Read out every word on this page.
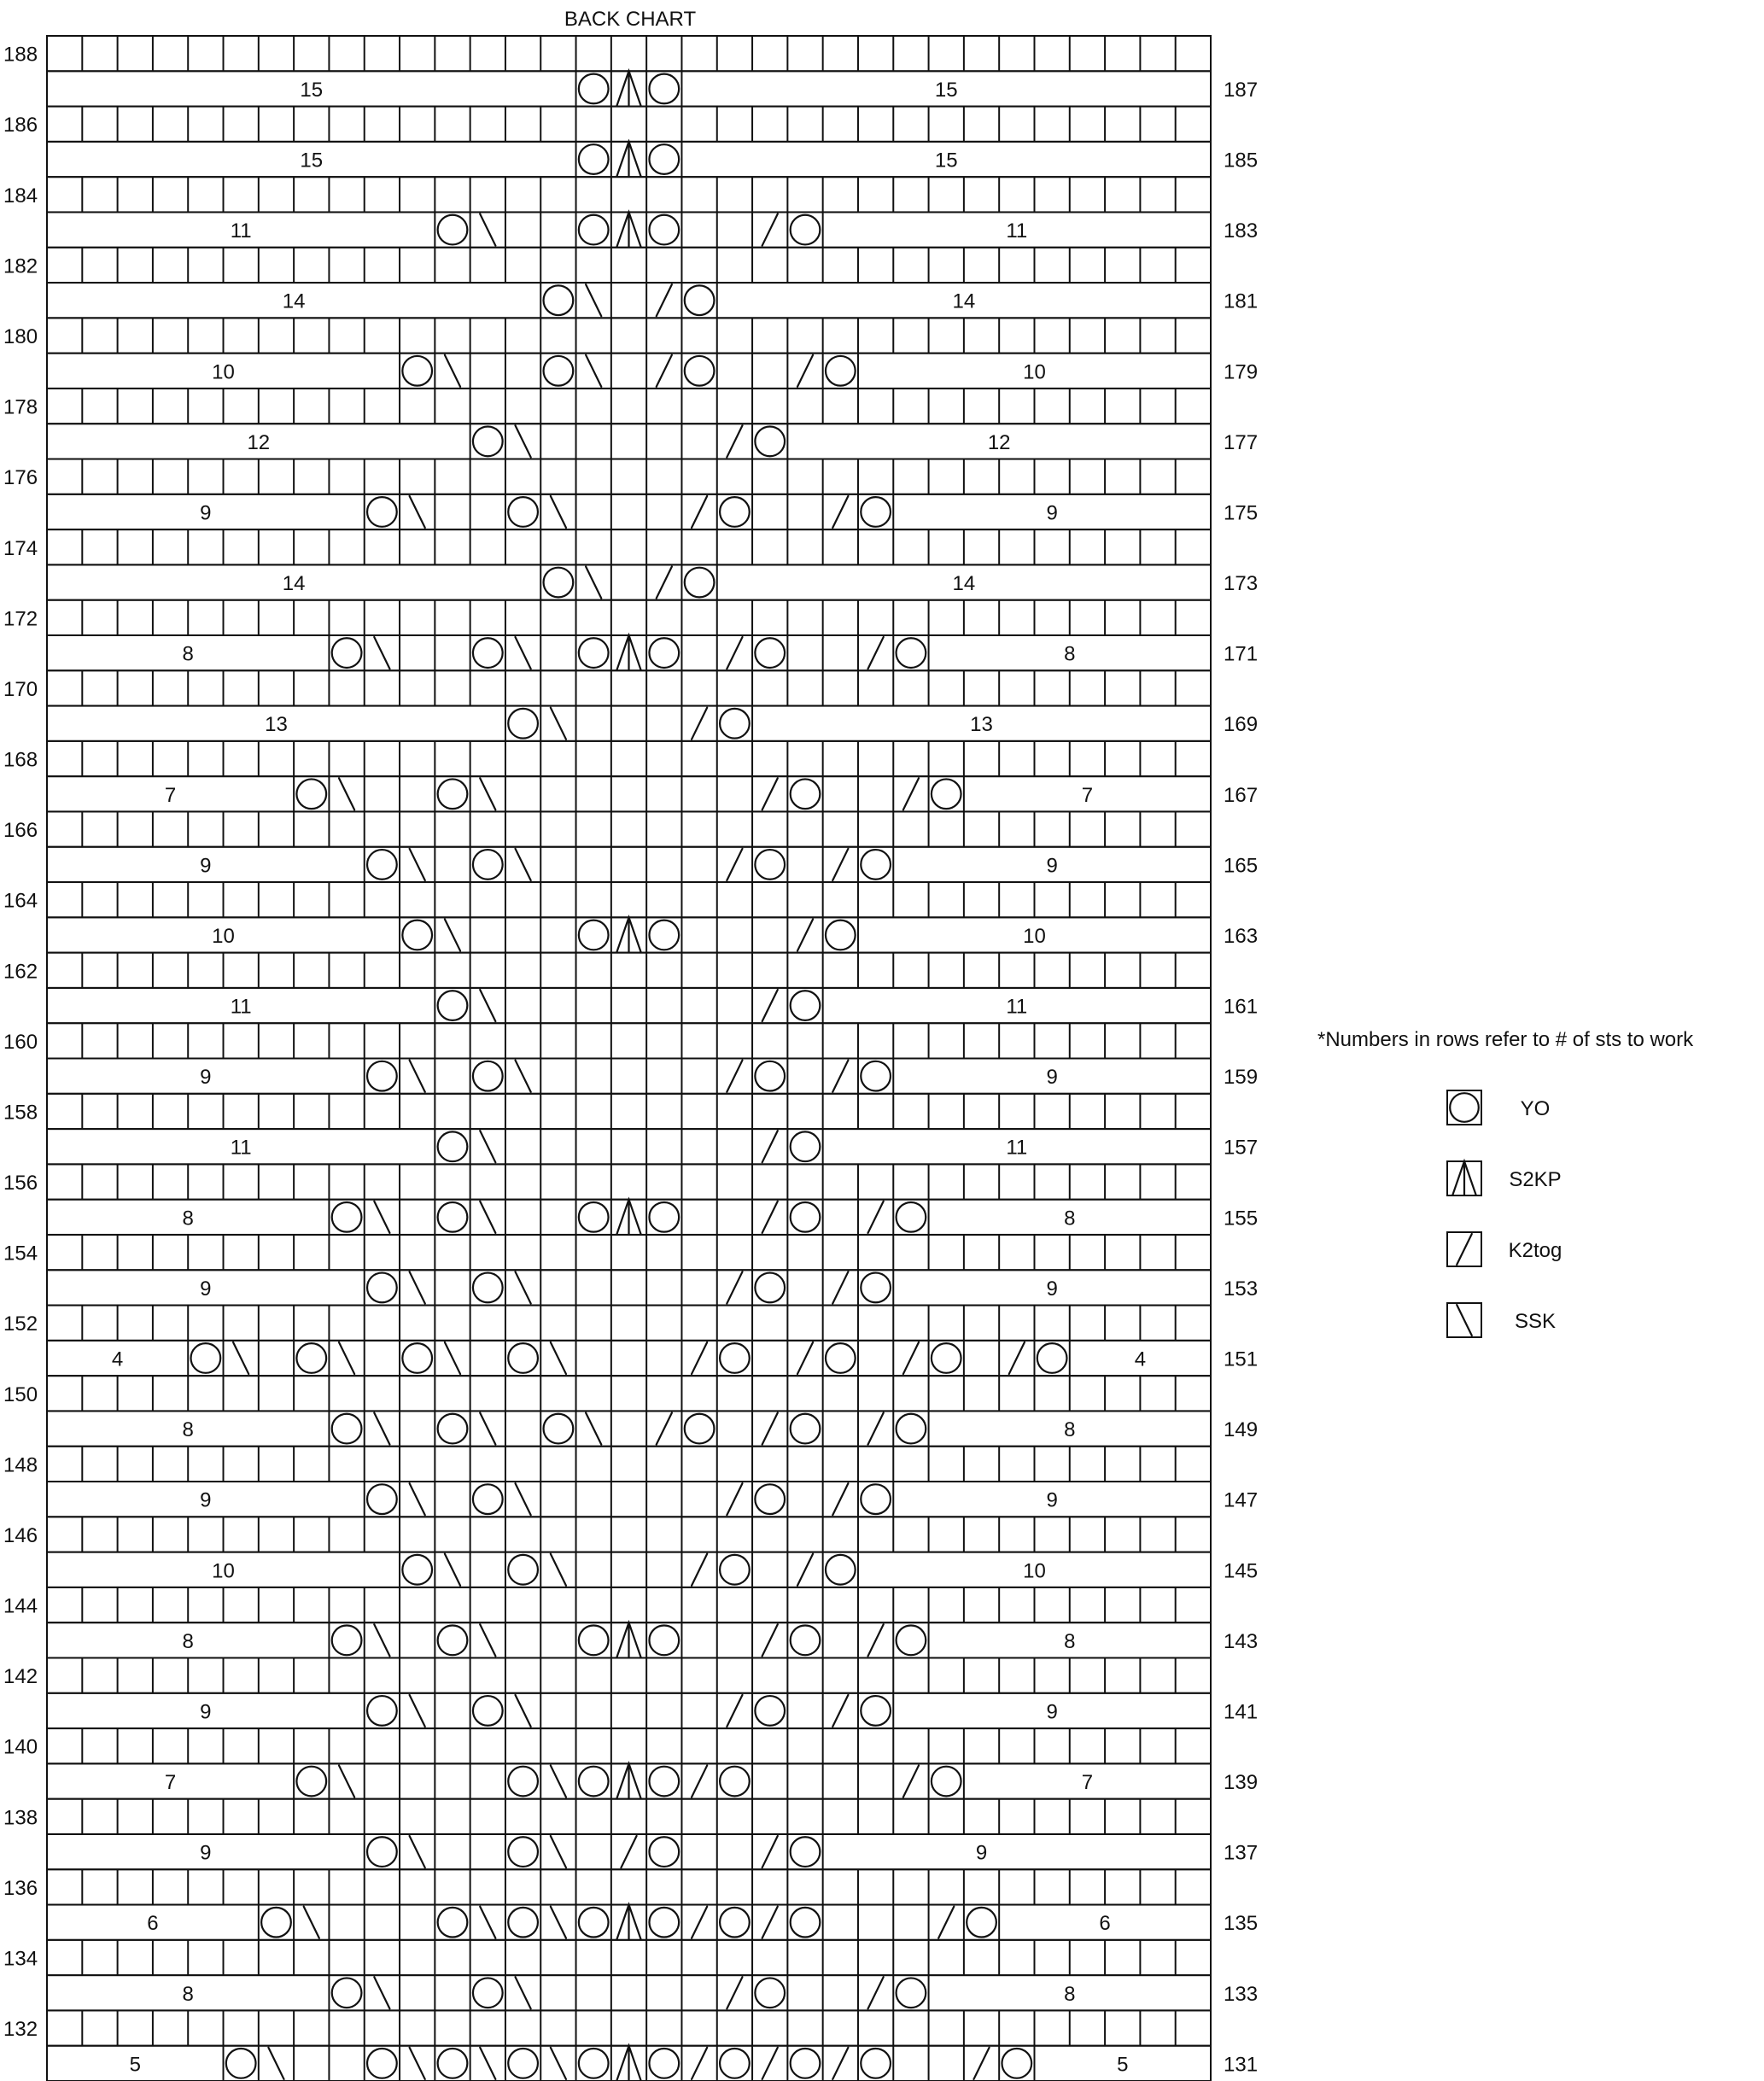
BACK CHART
188
15	15	187
186
15	15	185
184
11	11	183
182
14	14	181
180
10	10	179
178
12	12	177
176
9	9	175
174
14	14	173
172
8	8	171
170
13	13	169
168
7	7	167
166
9	9	165
164
10	10	163
162
11	11	161
160
9	9	159
158
11	11	157
156
8	8	155
154
9	9	153
152
4	4	151
150
8	8	149
148
9	9	147
146
10	10	145
144
8	8	143
142
9	9	141
140
7	7	139
138
9	9	137
136
6	6	135
134
8	8	133
132
5	5	131
*Numbers in rows refer to # of sts to work
YO
S2KP
K2tog
SSK
